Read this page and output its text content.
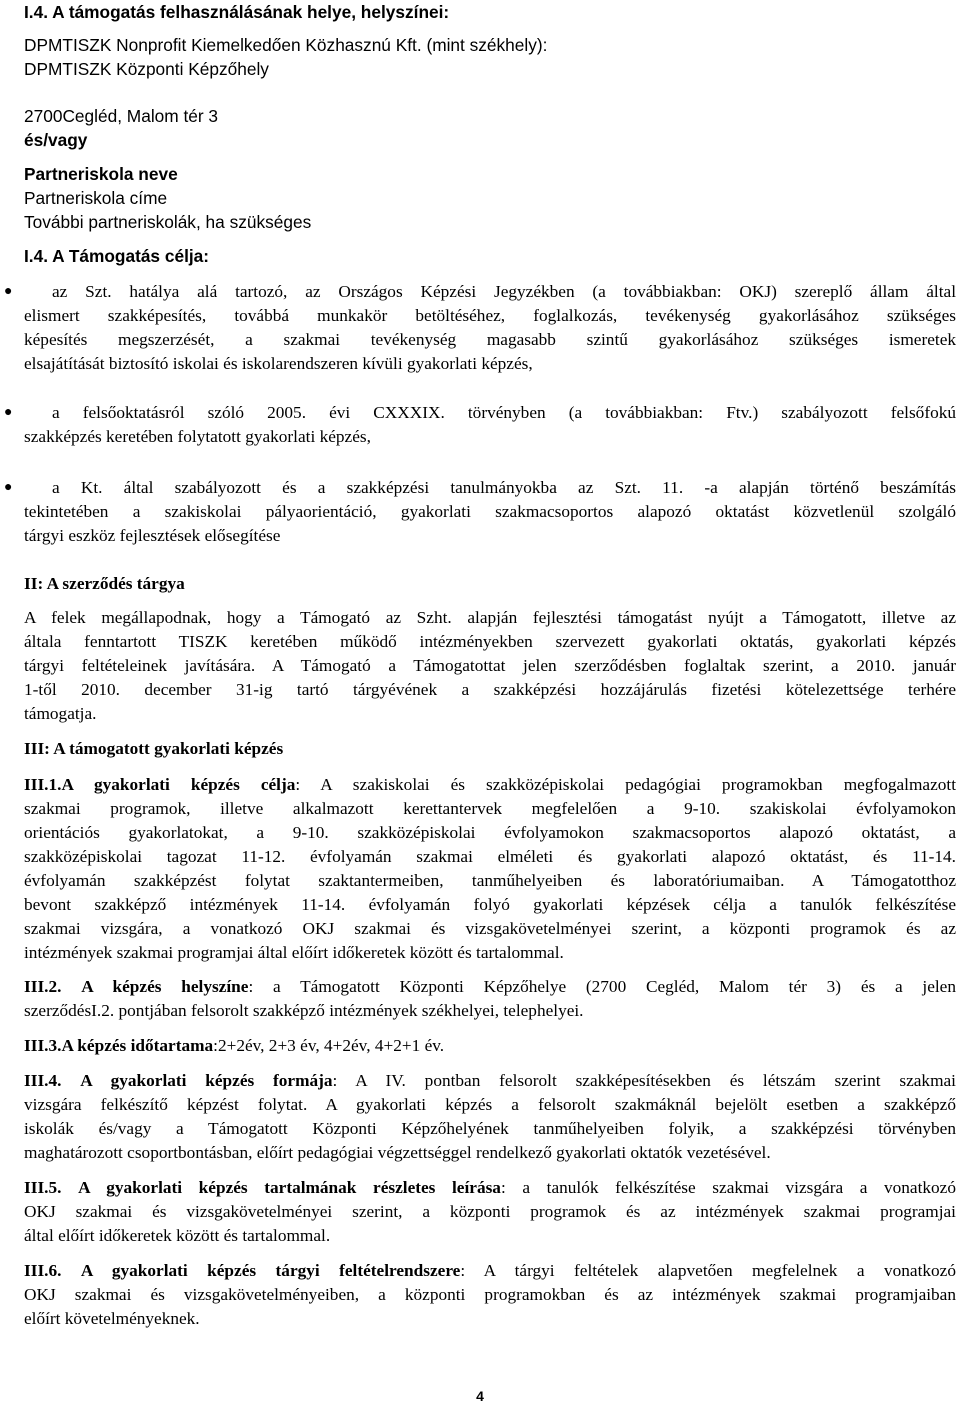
I.4. A támogatás felhasználásának helye, helyszínei:
DPMTISZK Nonprofit Kiemelkedően Közhasznú Kft. (mint székhely):
DPMTISZK Központi Képzőhely
2700Cegléd, Malom tér 3
és/vagy
Partneriskola neve
Partneriskola címe
További partneriskolák, ha szükséges
I.4. A Támogatás célja:
● az Szt. hatálya alá tartozó, az Országos Képzési Jegyzékben (a továbbiakban: OKJ) szereplő állam által
elismert szakképesítés, továbbá munkakör betöltéséhez, foglalkozás, tevékenység gyakorlásához szükséges
képesítés megszerzését, a szakmai tevékenység magasabb szintű gyakorlásához szükséges ismeretek
elsajátítását biztosító iskolai és iskolarendszeren kívüli gyakorlati képzés,
● a felsőoktatásról szóló 2005. évi CXXXIX. törvényben (a továbbiakban: Ftv.) szabályozott felsőfokú
szakképzés keretében folytatott gyakorlati képzés,
● a Kt. által szabályozott és a szakképzési tanulmányokba az Szt. 11. -a alapján történő beszámítás
tekintetében a szakiskolai pályaorientáció, gyakorlati szakmacsoportos alapozó oktatást közvetlenül szolgáló
tárgyi eszköz fejlesztések elősegítése
II: A szerződés tárgya
A felek megállapodnak, hogy a Támogató az Szht. alapján fejlesztési támogatást nyújt a Támogatott, illetve az
általa fenntartott TISZK keretében működő intézményekben szervezett gyakorlati oktatás, gyakorlati képzés
tárgyi feltételeinek javítására. A Támogató a Támogatottat jelen szerződésben foglaltak szerint, a 2010. január
1-től 2010. december 31-ig tartó tárgyévének a szakképzési hozzájárulás fizetési kötelezettsége terhére
támogatja.
III: A támogatott gyakorlati képzés
III.1.A gyakorlati képzés célja: A szakiskolai és szakközépiskolai pedagógiai programokban megfogalmazott
szakmai programok, illetve alkalmazott kerettantervek megfelelően a 9-10. szakiskolai évfolyamokon
orientációs gyakorlatokat, a 9-10. szakközépiskolai évfolyamokon szakmacsoportos alapozó oktatást, a
szakközépiskolai tagozat 11-12. évfolyamán szakmai elméleti és gyakorlati alapozó oktatást, és 11-14.
évfolyamán szakképzést folytat szaktantermeiben, tanműhelyeiben és laboratóriumaiban. A Támogatotthoz
bevont szakképző intézmények 11-14. évfolyamán folyó gyakorlati képzések célja a tanulók felkészítése
szakmai vizsgára, a vonatkozó OKJ szakmai és vizsgakövetelményei szerint, a központi programok és az
intézmények szakmai programjai által előírt időkeretek között és tartalommal.
III.2. A képzés helyszíne: a Támogatott Központi Képzőhelye (2700 Cegléd, Malom tér 3) és a jelen
szerződésI.2. pontjában felsorolt szakképző intézmények székhelyei, telephelyei.
III.3.A képzés időtartama:2+2év, 2+3 év, 4+2év, 4+2+1 év.
III.4. A gyakorlati képzés formája: A IV. pontban felsorolt szakképesítésekben és létszám szerint szakmai
vizsgára felkészítő képzést folytat. A gyakorlati képzés a felsorolt szakmáknál bejelölt esetben a szakképző
iskolák és/vagy a Támogatott Központi Képzőhelyének tanműhelyeiben folyik, a szakképzési törvényben
maghatározott csoportbontásban, előírt pedagógiai végzettséggel rendelkező gyakorlati oktatók vezetésével.
III.5. A gyakorlati képzés tartalmának részletes leírása: a tanulók felkészítése szakmai vizsgára a vonatkozó
OKJ szakmai és vizsgakövetelményei szerint, a központi programok és az intézmények szakmai programjai
által előírt időkeretek között és tartalommal.
III.6. A gyakorlati képzés tárgyi feltételrendszere: A tárgyi feltételek alapvetően megfelelnek a vonatkozó
OKJ szakmai és vizsgakövetelményeiben, a központi programokban és az intézmények szakmai programjaiban
előírt követelményeknek.
4
